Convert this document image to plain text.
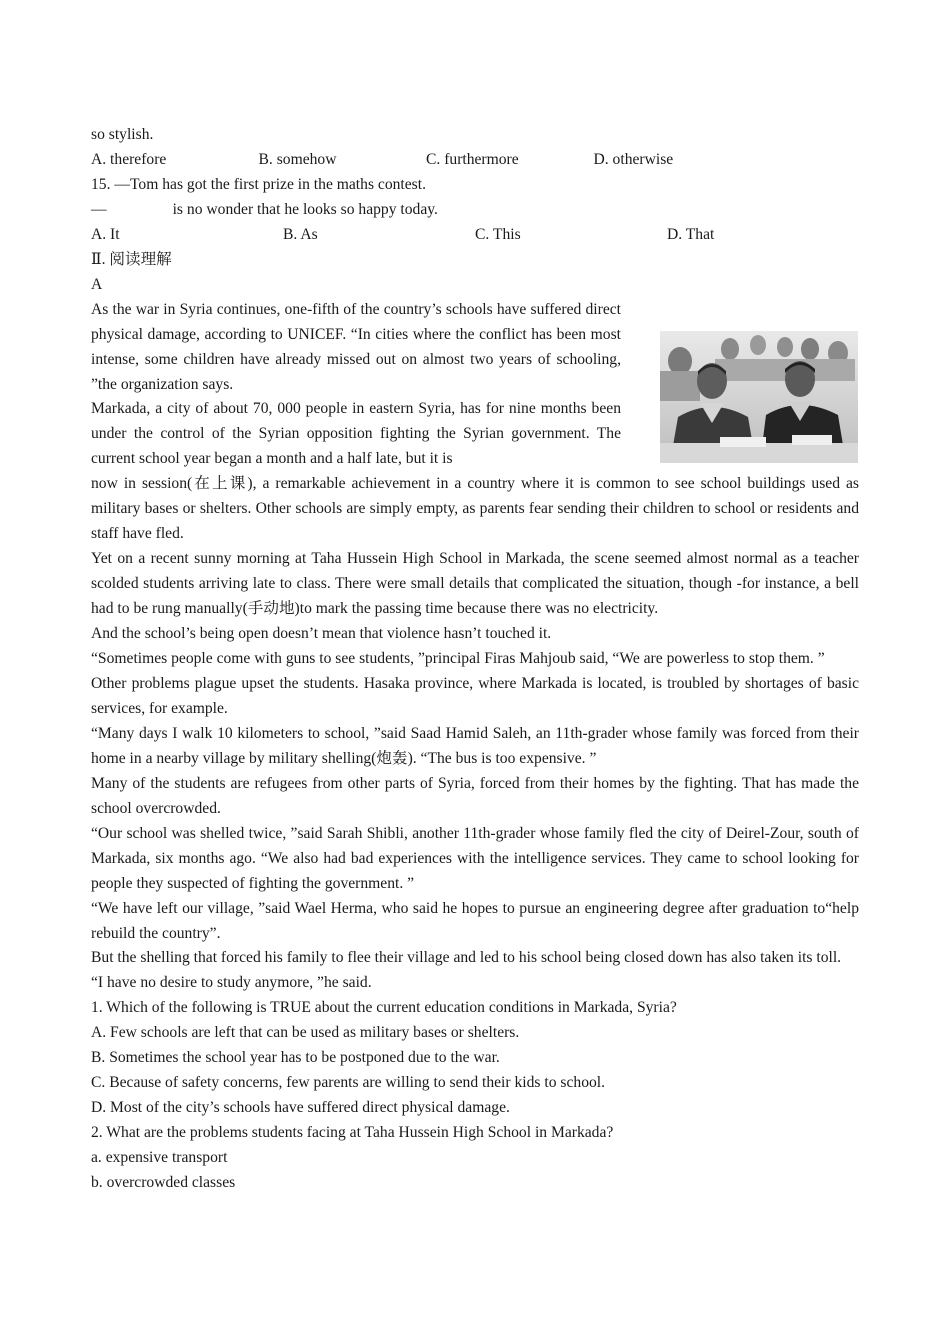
so stylish.

A. therefore	B. somehow	C. furthermore	D. otherwise

15. —Tom has got the first prize in the maths contest.

—	is no wonder that he looks so happy today.

A. It	B. As	C. This	D. That

Ⅱ. 阅读理解

A

As the war in Syria continues, one-fifth of the country’s schools have suffered direct physical damage, according to UNICEF. “In cities where the conflict has been most intense, some children have already missed out on almost two years of schooling, ”the organization says.

Markada, a city of about 70, 000 people in eastern Syria, has for nine months been under the control of the Syrian opposition fighting the Syrian government. The current school year began a month and a half late, but it is

now in session(在上课), a remarkable achievement in a country where it is common to see school buildings used as military bases or shelters. Other schools are simply empty, as parents fear sending their children to school or residents and staff have fled.

Yet on a recent sunny morning at Taha Hussein High School in Markada, the scene seemed almost normal as a teacher scolded students arriving late to class. There were small details that complicated the situation, though -for instance, a bell had to be rung manually(手动地)to mark the passing time because there was no electricity.

And the school’s being open doesn’t mean that violence hasn’t touched it.

“Sometimes people come with guns to see students, ”principal Firas Mahjoub said, “We are powerless to stop them. ”

Other problems plague upset the students. Hasaka province, where Markada is located, is troubled by shortages of basic services, for example.

“Many days I walk 10 kilometers to school, ”said Saad Hamid Saleh, an 11th-grader whose family was forced from their home in a nearby village by military shelling(炮轰). “The bus is too expensive. ”

Many of the students are refugees from other parts of Syria, forced from their homes by the fighting. That has made the school overcrowded.

“Our school was shelled twice, ”said Sarah Shibli, another 11th-grader whose family fled the city of Deirel-Zour, south of Markada, six months ago. “We also had bad experiences with the intelligence services. They came to school looking for people they suspected of fighting the government. ”

“We have left our village, ”said Wael Herma, who said he hopes to pursue an engineering degree after graduation to“help rebuild the country”.

But the shelling that forced his family to flee their village and led to his school being closed down has also taken its toll.

“I have no desire to study anymore, ”he said.

1. Which of the following is TRUE about the current education conditions in Markada, Syria?

A. Few schools are left that can be used as military bases or shelters.

B. Sometimes the school year has to be postponed due to the war.

C. Because of safety concerns, few parents are willing to send their kids to school.

D. Most of the city’s schools have suffered direct physical damage.

2. What are the problems students facing at Taha Hussein High School in Markada?

a. expensive transport

b. overcrowded classes
